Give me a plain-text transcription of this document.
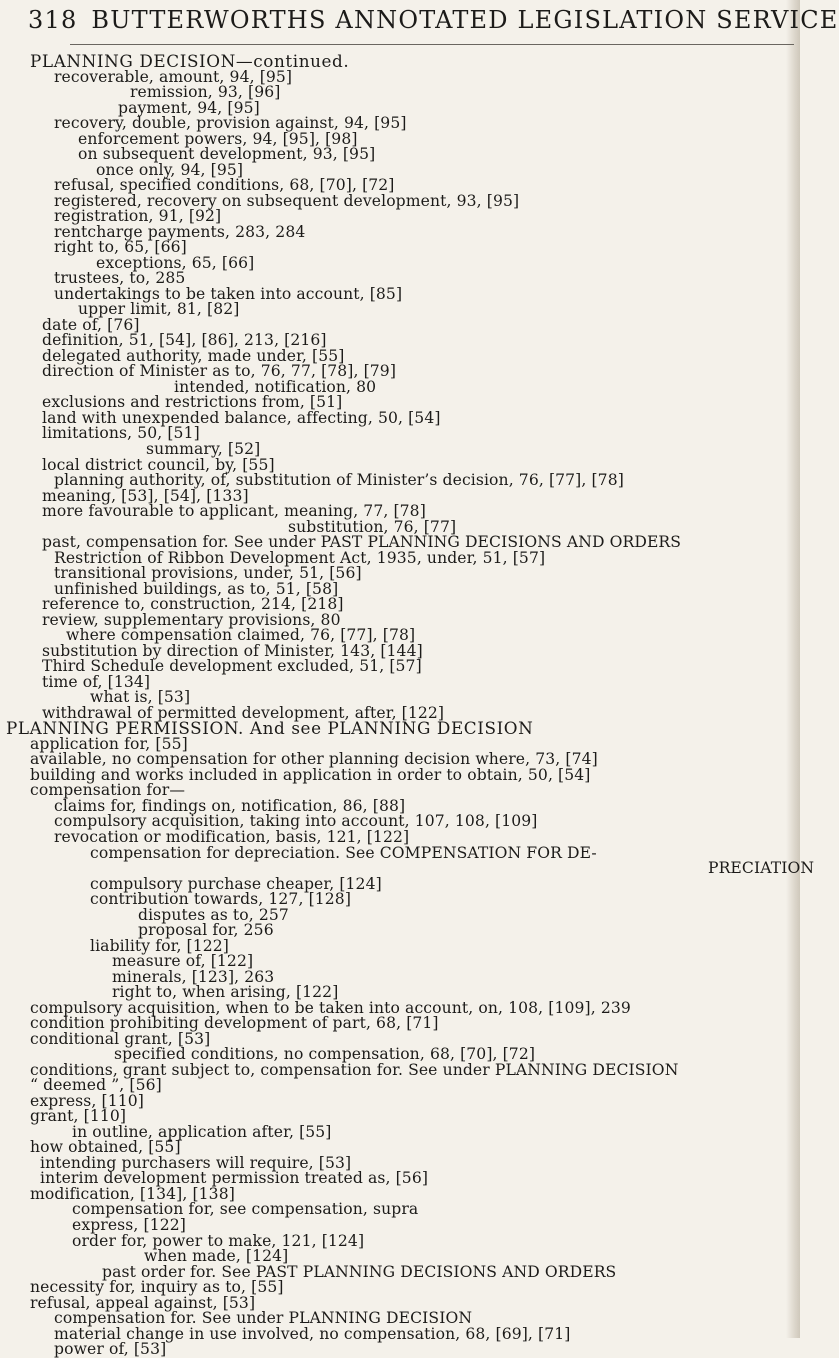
318 BUTTERWORTHS ANNOTATED LEGISLATION SERVICE
PLANNING DECISION—continued.
recoverable, amount, 94, [95]
remission, 93, [96]
payment, 94, [95]
recovery, double, provision against, 94, [95]
enforcement powers, 94, [95], [98]
on subsequent development, 93, [95]
once only, 94, [95]
refusal, specified conditions, 68, [70], [72]
registered, recovery on subsequent development, 93, [95]
registration, 91, [92]
rentcharge payments, 283, 284
right to, 65, [66]
exceptions, 65, [66]
trustees, to, 285
undertakings to be taken into account, [85]
upper limit, 81, [82]
date of, [76]
definition, 51, [54], [86], 213, [216]
delegated authority, made under, [55]
direction of Minister as to, 76, 77, [78], [79]
intended, notification, 80
exclusions and restrictions from, [51]
land with unexpended balance, affecting, 50, [54]
limitations, 50, [51]
summary, [52]
local district council, by, [55]
planning authority, of, substitution of Minister’s decision, 76, [77], [78]
meaning, [53], [54], [133]
more favourable to applicant, meaning, 77, [78]
substitution, 76, [77]
past, compensation for. See under PAST PLANNING DECISIONS AND ORDERS
Restriction of Ribbon Development Act, 1935, under, 51, [57]
transitional provisions, under, 51, [56]
unfinished buildings, as to, 51, [58]
reference to, construction, 214, [218]
review, supplementary provisions, 80
where compensation claimed, 76, [77], [78]
substitution by direction of Minister, 143, [144]
Third Schedule development excluded, 51, [57]
time of, [134]
what is, [53]
withdrawal of permitted development, after, [122]
PLANNING PERMISSION. And see PLANNING DECISION
application for, [55]
available, no compensation for other planning decision where, 73, [74]
building and works included in application in order to obtain, 50, [54]
compensation for—
claims for, findings on, notification, 86, [88]
compulsory acquisition, taking into account, 107, 108, [109]
revocation or modification, basis, 121, [122]
compensation for depreciation. See COMPENSATION FOR DE-
PRECIATION
compulsory purchase cheaper, [124]
contribution towards, 127, [128]
disputes as to, 257
proposal for, 256
liability for, [122]
measure of, [122]
minerals, [123], 263
right to, when arising, [122]
compulsory acquisition, when to be taken into account, on, 108, [109], 239
condition prohibiting development of part, 68, [71]
conditional grant, [53]
specified conditions, no compensation, 68, [70], [72]
conditions, grant subject to, compensation for. See under PLANNING DECISION
“ deemed ”, [56]
express, [110]
grant, [110]
in outline, application after, [55]
how obtained, [55]
intending purchasers will require, [53]
interim development permission treated as, [56]
modification, [134], [138]
compensation for, see compensation, supra
express, [122]
order for, power to make, 121, [124]
when made, [124]
past order for. See PAST PLANNING DECISIONS AND ORDERS
necessity for, inquiry as to, [55]
refusal, appeal against, [53]
compensation for. See under PLANNING DECISION
material change in use involved, no compensation, 68, [69], [71]
power of, [53]
